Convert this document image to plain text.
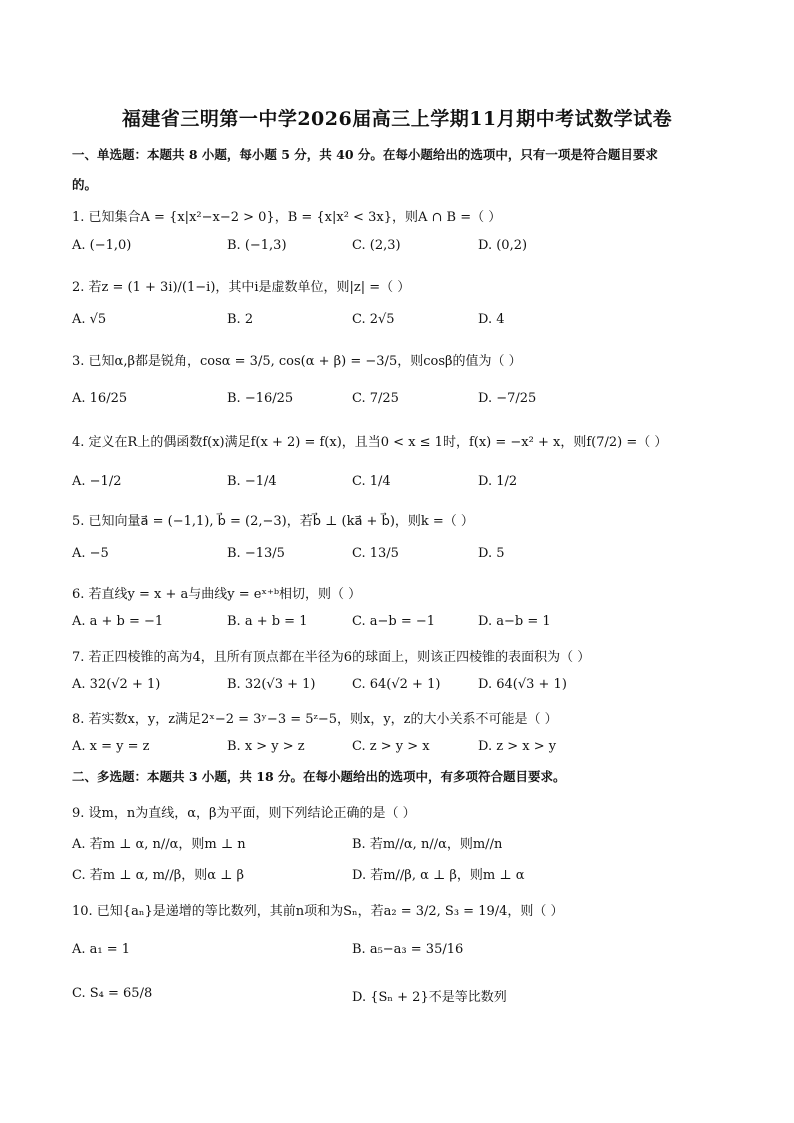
福建省三明第一中学2026届高三上学期11月期中考试数学试卷
一、单选题：本题共 8 小题，每小题 5 分，共 40 分。在每小题给出的选项中，只有一项是符合题目要求
的。
1. 已知集合A = {x|x²−x−2 > 0}，B = {x|x² < 3x}，则A ∩ B =（ ）
A. (−1,0)	B. (−1,3)	C. (2,3)	D. (0,2)
2. 若z = (1 + 3i)/(1−i)，其中i是虚数单位，则|z| =（ ）
A. √5	B. 2	C. 2√5	D. 4
3. 已知α,β都是锐角，cosα = 3/5, cos(α + β) = −3/5，则cosβ的值为（ ）
A. 16/25	B. −16/25	C. 7/25	D. −7/25
4. 定义在R上的偶函数f(x)满足f(x + 2) = f(x)，且当0 < x ≤ 1时，f(x) = −x² + x，则f(7/2) =（ ）
A. −1/2	B. −1/4	C. 1/4	D. 1/2
5. 已知向量a⃗ = (−1,1), b⃗ = (2,−3)，若b⃗ ⊥ (ka⃗ + b⃗)，则k =（ ）
A. −5	B. −13/5	C. 13/5	D. 5
6. 若直线y = x + a与曲线y = eˣ⁺ᵇ相切，则（ ）
A. a + b = −1	B. a + b = 1	C. a−b = −1	D. a−b = 1
7. 若正四棱锥的高为4，且所有顶点都在半径为6的球面上，则该正四棱锥的表面积为（ ）
A. 32(√2 + 1)	B. 32(√3 + 1)	C. 64(√2 + 1)	D. 64(√3 + 1)
8. 若实数x，y，z满足2ˣ−2 = 3ʸ−3 = 5ᶻ−5，则x，y，z的大小关系不可能是（ ）
A. x = y = z	B. x > y > z	C. z > y > x	D. z > x > y
二、多选题：本题共 3 小题，共 18 分。在每小题给出的选项中，有多项符合题目要求。
9. 设m，n为直线，α，β为平面，则下列结论正确的是（ ）
A. 若m ⊥ α, n//α，则m ⊥ n	B. 若m//α, n//α，则m//n
C. 若m ⊥ α, m//β，则α ⊥ β	D. 若m//β, α ⊥ β，则m ⊥ α
10. 已知{aₙ}是递增的等比数列，其前n项和为Sₙ，若a₂ = 3/2, S₃ = 19/4，则（ ）
A. a₁ = 1	B. a₅−a₃ = 35/16
C. S₄ = 65/8	D. {Sₙ + 2}不是等比数列
